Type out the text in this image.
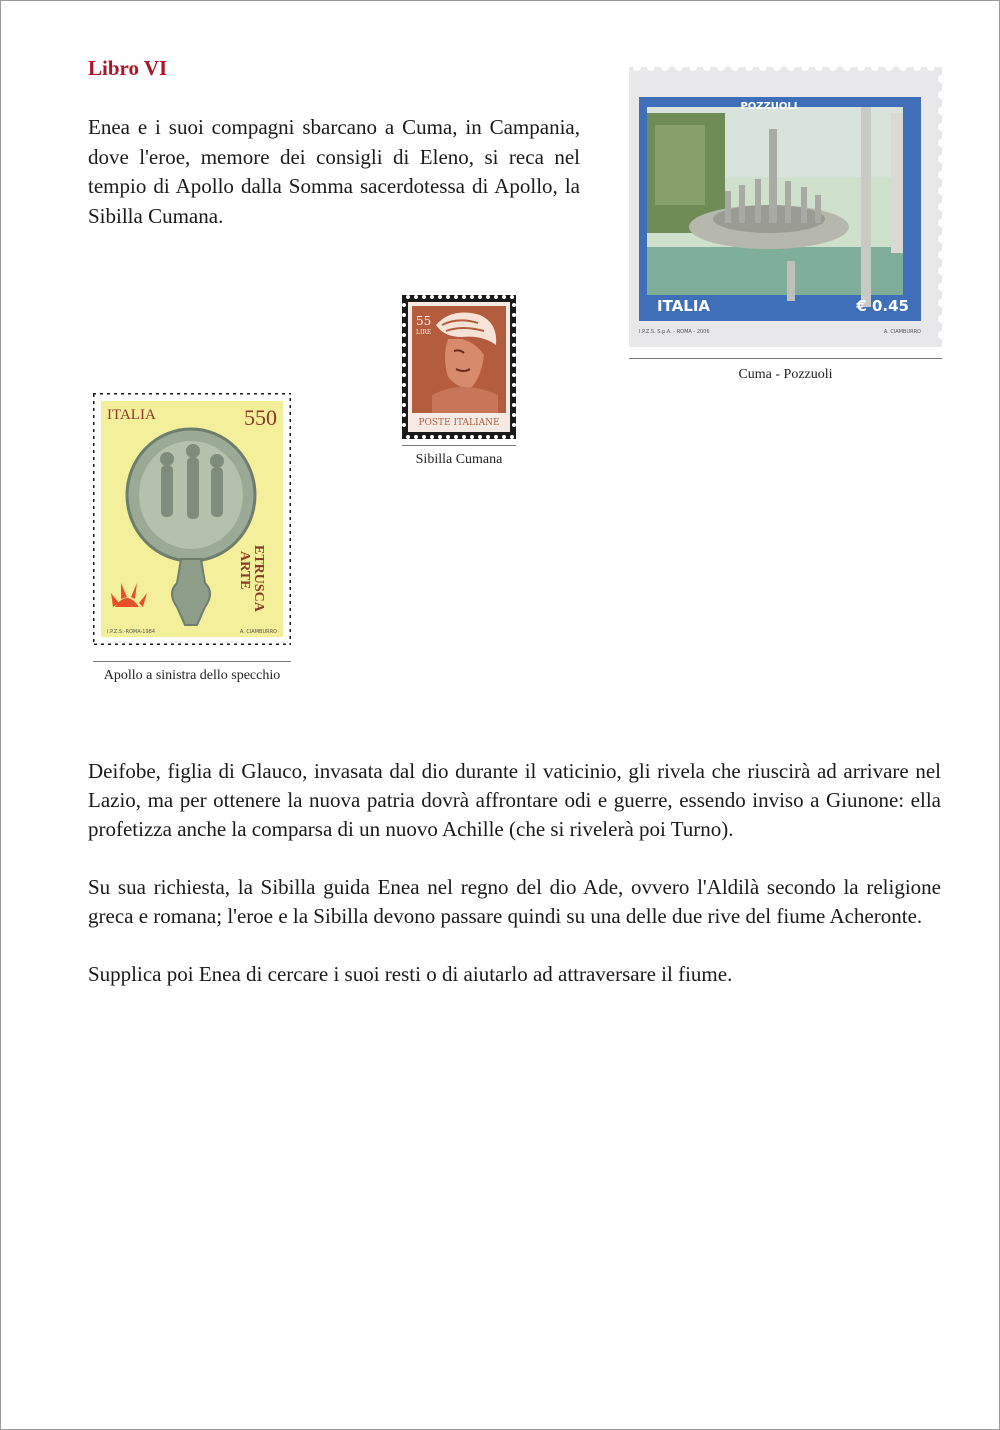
Libro VI

Enea e i suoi compagni sbarcano a Cuma, in Campania, dove l'eroe, memore dei consigli di Eleno, si reca nel tempio di Apollo dalla Somma sacerdotessa di Apollo, la Sibilla Cumana.

POZZUOLI
ITALIA	€ 0.45
I.P.Z.S. S.p.A. - ROMA - 2006	A. CIAMBURRO
Cuma - Pozzuoli
55
LIRE
POSTE ITALIANE
Sibilla Cumana
ITALIA	550
ARTE ETRUSCA
I.P.Z.S.-ROMA-1984	A. CIAMBURRO
Apollo a sinistra dello specchio

Deifobe, figlia di Glauco, invasata dal dio durante il vaticinio, gli rivela che riuscirà ad arrivare nel Lazio, ma per ottenere la nuova patria dovrà affrontare odi e guerre, essendo inviso a Giunone: ella profetizza anche la comparsa di un nuovo Achille (che si rivelerà poi Turno).

Su sua richiesta, la Sibilla guida Enea nel regno del dio Ade, ovvero l'Aldilà secondo la religione greca e romana; l'eroe e la Sibilla devono passare quindi su una delle due rive del fiume Acheronte.

Supplica poi Enea di cercare i suoi resti o di aiutarlo ad attraversare il fiume.
